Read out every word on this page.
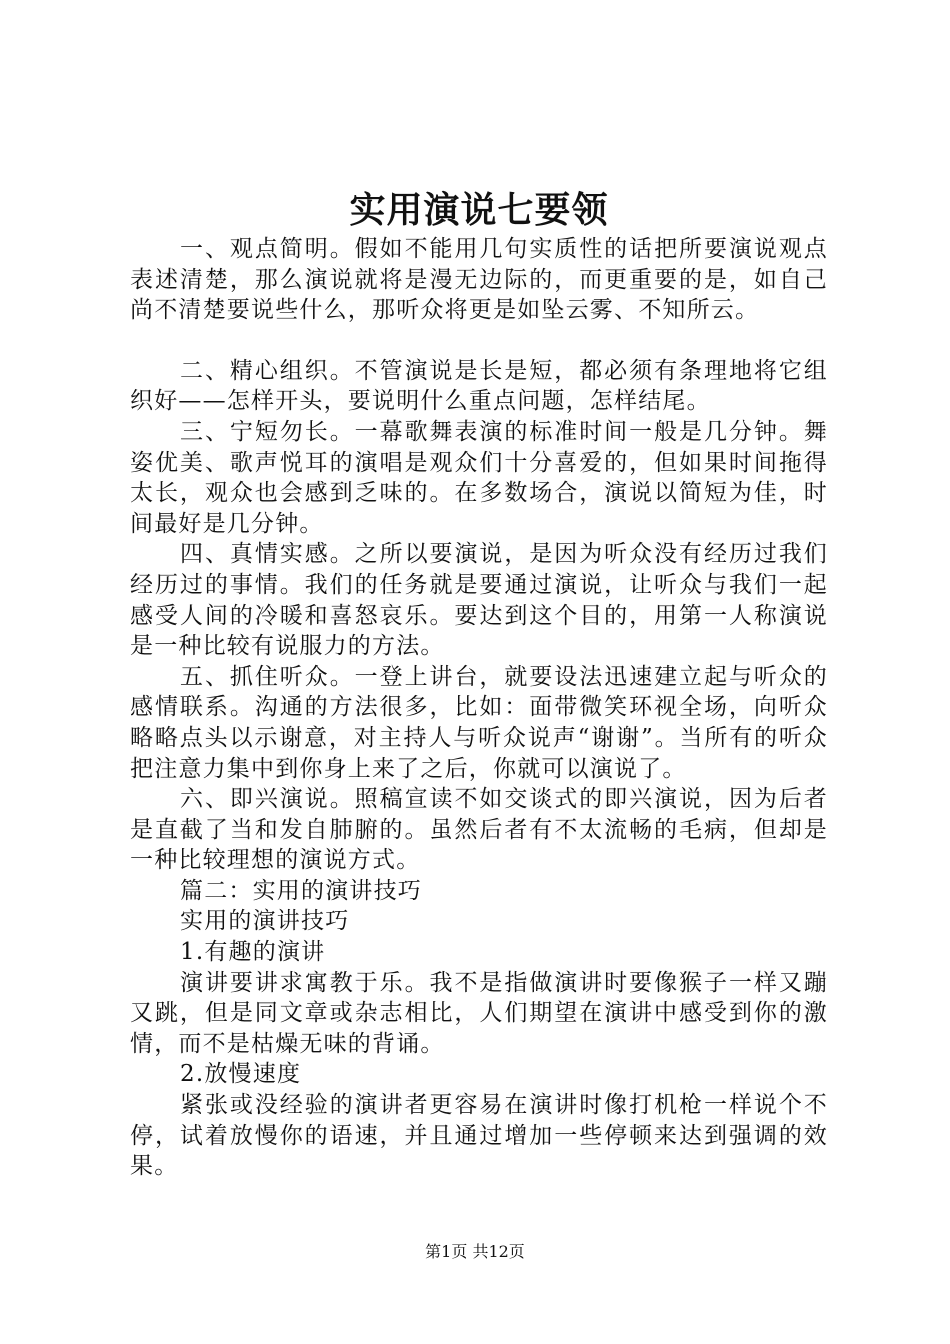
实用演说七要领

一、观点简明。假如不能用几句实质性的话把所要演说观点表述清楚，那么演说就将是漫无边际的，而更重要的是，如自己尚不清楚要说些什么，那听众将更是如坠云雾、不知所云。

二、精心组织。不管演说是长是短，都必须有条理地将它组织好——怎样开头，要说明什么重点问题，怎样结尾。

三、宁短勿长。一幕歌舞表演的标准时间一般是几分钟。舞姿优美、歌声悦耳的演唱是观众们十分喜爱的，但如果时间拖得太长，观众也会感到乏味的。在多数场合，演说以简短为佳，时间最好是几分钟。

四、真情实感。之所以要演说，是因为听众没有经历过我们经历过的事情。我们的任务就是要通过演说，让听众与我们一起感受人间的冷暖和喜怒哀乐。要达到这个目的，用第一人称演说是一种比较有说服力的方法。

五、抓住听众。一登上讲台，就要设法迅速建立起与听众的感情联系。沟通的方法很多，比如：面带微笑环视全场，向听众略略点头以示谢意，对主持人与听众说声“谢谢”。当所有的听众把注意力集中到你身上来了之后，你就可以演说了。

六、即兴演说。照稿宣读不如交谈式的即兴演说，因为后者是直截了当和发自肺腑的。虽然后者有不太流畅的毛病，但却是一种比较理想的演说方式。

篇二：实用的演讲技巧

实用的演讲技巧

1.有趣的演讲

演讲要讲求寓教于乐。我不是指做演讲时要像猴子一样又蹦又跳，但是同文章或杂志相比，人们期望在演讲中感受到你的激情，而不是枯燥无味的背诵。

2.放慢速度

紧张或没经验的演讲者更容易在演讲时像打机枪一样说个不停，试着放慢你的语速，并且通过增加一些停顿来达到强调的效果。

第1页 共12页
